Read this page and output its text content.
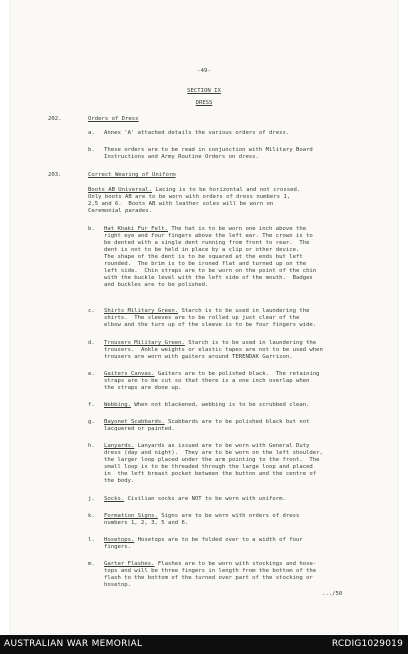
-49-
SECTION IX
DRESS
202.	Orders of Dress
a. Annex 'A' attached details the various orders of dress.
b. These orders are to be read in conjunction with Military Board
Instructions and Army Routine Orders on dress.
203.	Correct Wearing of Uniform
Boots AB Universal. Lacing is to be horizontal and not crossed.
Only boots AB are to be worn with orders of dress numbers 1,
2,5 and 6.  Boots AB with leather soles will be worn on
Ceremonial parades.
b. Hat Khaki Fur Felt. The hat is to be worn one inch above the
right eye and four fingers above the left ear. The crown is to
be dented with a single dent running from front to rear.  The
dent is not to be held in place by a clip or other device.
The shape of the dent is to be squared at the ends but left
rounded.  The brim is to be ironed flat and turned up on the
left side.  Chin straps are to be worn on the point of the chin
with the buckle level with the left side of the mouth.  Badges
and buckles are to be polished.
c. Shirts Military Green. Starch is to be used in laundering the
shirts.  The sleeves are to be rolled up just clear of the
elbow and the turn up of the sleeve is to be four fingers wide.
d. Trousers Military Green. Starch is to be used in laundering the
trousers.  Ankle weights or elastic tapes are not to be used when
trousers are worn with gaiters around TERENDAK Garrison.
e. Gaiters Canvas. Gaiters are to be polished black.  The retaining
straps are to be cut so that there is a one inch overlap when
the straps are done up.
f. Webbing. When not blackened, webbing is to be scrubbed clean.
g. Bayonet Scabbards. Scabbards are to be polished black but not
lacquered or painted.
h. Lanyards. Lanyards as issued are to be worn with General Duty
dress (day and night).  They are to be worn on the left shoulder,
the larger loop placed under the arm pointing to the front.  The
small loop is to be threaded through the large loop and placed
in  the left breast pocket between the button and the centre of
the body.
j. Socks. Civilian socks are NOT to be worn with uniform.
k. Formation Signs. Signs are to be worn with orders of dress
numbers 1, 2, 3, 5 and 6.
l. Hosetops. Hosetops are to be folded over to a width of four
fingers.
m. Garter Flashes. Flashes are to be worn with stockings and hose-
tops and will be three fingers in length from the bottom of the
flash to the bottom of the turned over part of the stocking or
hosetop.
.../50
AUSTRALIAN WAR MEMORIAL	RCDIG1029019
